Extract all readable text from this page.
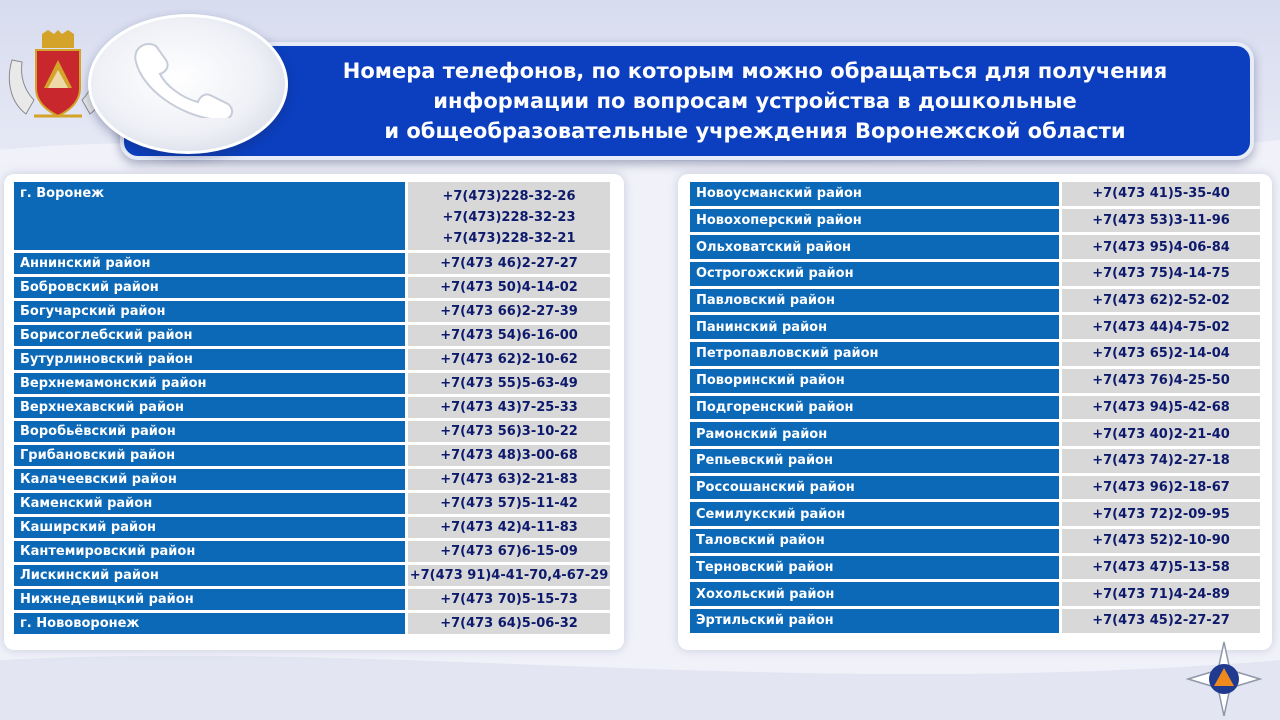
Номера телефонов, по которым можно обращаться для получения
информации по вопросам устройства в дошкольные
и общеобразовательные учреждения Воронежской области
г. Воронеж	+7(473)228-32-26
+7(473)228-32-23
+7(473)228-32-21

Аннинский район	+7(473 46)2-27-27
Бобровский район	+7(473 50)4-14-02
Богучарский район	+7(473 66)2-27-39
Борисоглебский район	+7(473 54)6-16-00
Бутурлиновский район	+7(473 62)2-10-62
Верхнемамонский район	+7(473 55)5-63-49
Верхнехавский район	+7(473 43)7-25-33
Воробьёвский район	+7(473 56)3-10-22
Грибановский район	+7(473 48)3-00-68
Калачеевский район	+7(473 63)2-21-83
Каменский район	+7(473 57)5-11-42
Каширский район	+7(473 42)4-11-83
Кантемировский район	+7(473 67)6-15-09
Лискинский район	+7(473 91)4-41-70,4-67-29
Нижнедевицкий район	+7(473 70)5-15-73
г. Нововоронеж	+7(473 64)5-06-32
Новоусманский район	+7(473 41)5-35-40
Новохоперский район	+7(473 53)3-11-96
Ольховатский район	+7(473 95)4-06-84
Острогожский район	+7(473 75)4-14-75
Павловский район	+7(473 62)2-52-02
Панинский район	+7(473 44)4-75-02
Петропавловский район	+7(473 65)2-14-04
Поворинский район	+7(473 76)4-25-50
Подгоренский район	+7(473 94)5-42-68
Рамонский район	+7(473 40)2-21-40
Репьевский район	+7(473 74)2-27-18
Россошанский район	+7(473 96)2-18-67
Семилукский район	+7(473 72)2-09-95
Таловский район	+7(473 52)2-10-90
Терновский район	+7(473 47)5-13-58
Хохольский район	+7(473 71)4-24-89
Эртильский район	+7(473 45)2-27-27
